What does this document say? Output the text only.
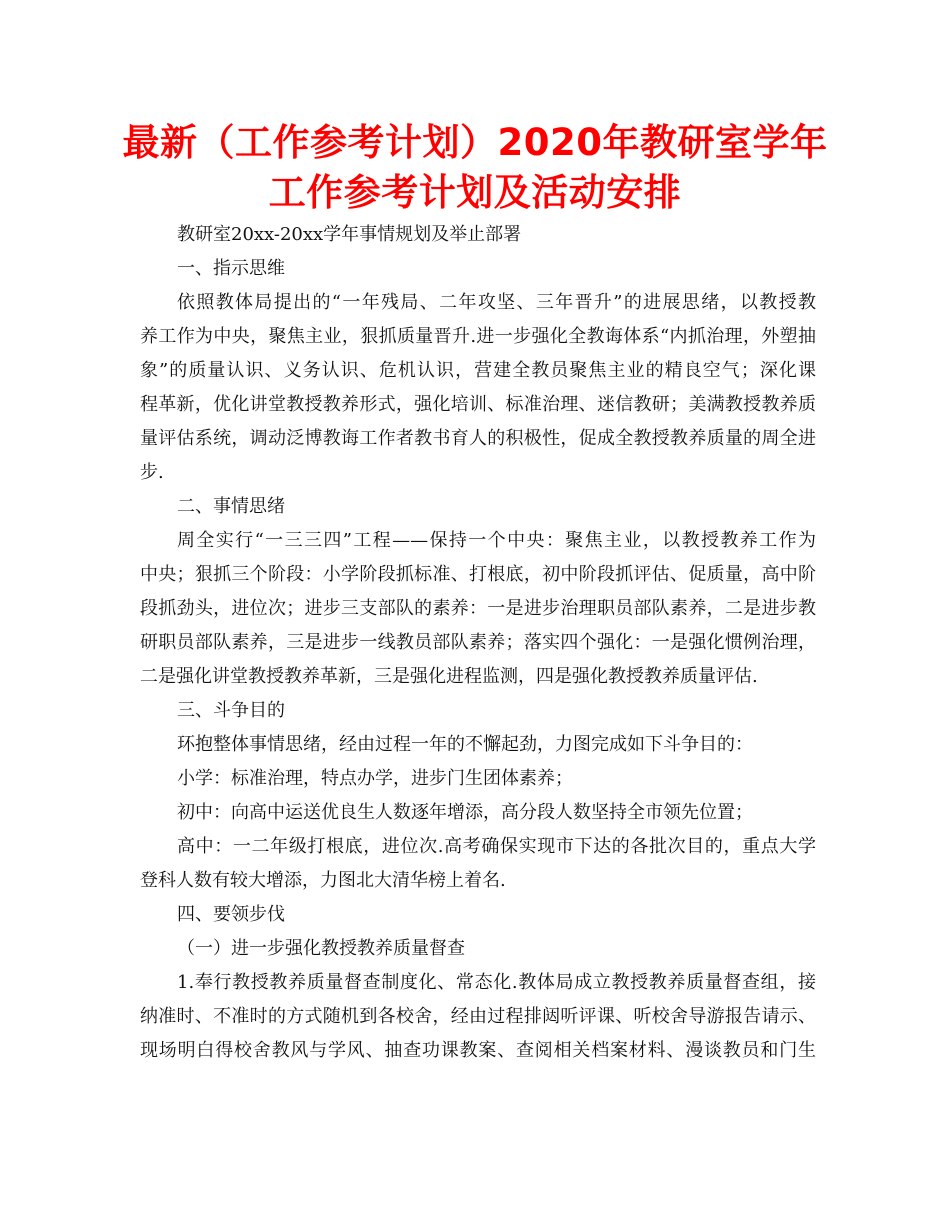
最新（工作参考计划）2020年教研室学年
工作参考计划及活动安排
教研室20xx-20xx学年事情规划及举止部署
一、指示思维
依照教体局提出的“一年残局、二年攻坚、三年晋升”的进展思绪，以教授教
养工作为中央，聚焦主业，狠抓质量晋升.进一步强化全教诲体系“内抓治理，外塑抽
象”的质量认识、义务认识、危机认识，营建全教员聚焦主业的精良空气；深化课
程革新，优化讲堂教授教养形式，强化培训、标准治理、迷信教研；美满教授教养质
量评估系统，调动泛博教诲工作者教书育人的积极性，促成全教授教养质量的周全进
步.
二、事情思绪
周全实行“一三三四”工程——保持一个中央：聚焦主业，以教授教养工作为
中央；狠抓三个阶段：小学阶段抓标准、打根底，初中阶段抓评估、促质量，高中阶
段抓劲头，进位次；进步三支部队的素养：一是进步治理职员部队素养，二是进步教
研职员部队素养，三是进步一线教员部队素养；落实四个强化：一是强化惯例治理，
二是强化讲堂教授教养革新，三是强化进程监测，四是强化教授教养质量评估.
三、斗争目的
环抱整体事情思绪，经由过程一年的不懈起劲，力图完成如下斗争目的：
小学：标准治理，特点办学，进步门生团体素养；
初中：向高中运送优良生人数逐年增添，高分段人数坚持全市领先位置；
高中：一二年级打根底，进位次.高考确保实现市下达的各批次目的，重点大学
登科人数有较大增添，力图北大清华榜上着名.
四、要领步伐
（一）进一步强化教授教养质量督查
1.奉行教授教养质量督查制度化、常态化.教体局成立教授教养质量督查组，接
纳准时、不准时的方式随机到各校舍，经由过程排闼听评课、听校舍导游报告请示、
现场明白得校舍教风与学风、抽查功课教案、查阅相关档案材料、漫谈教员和门生
